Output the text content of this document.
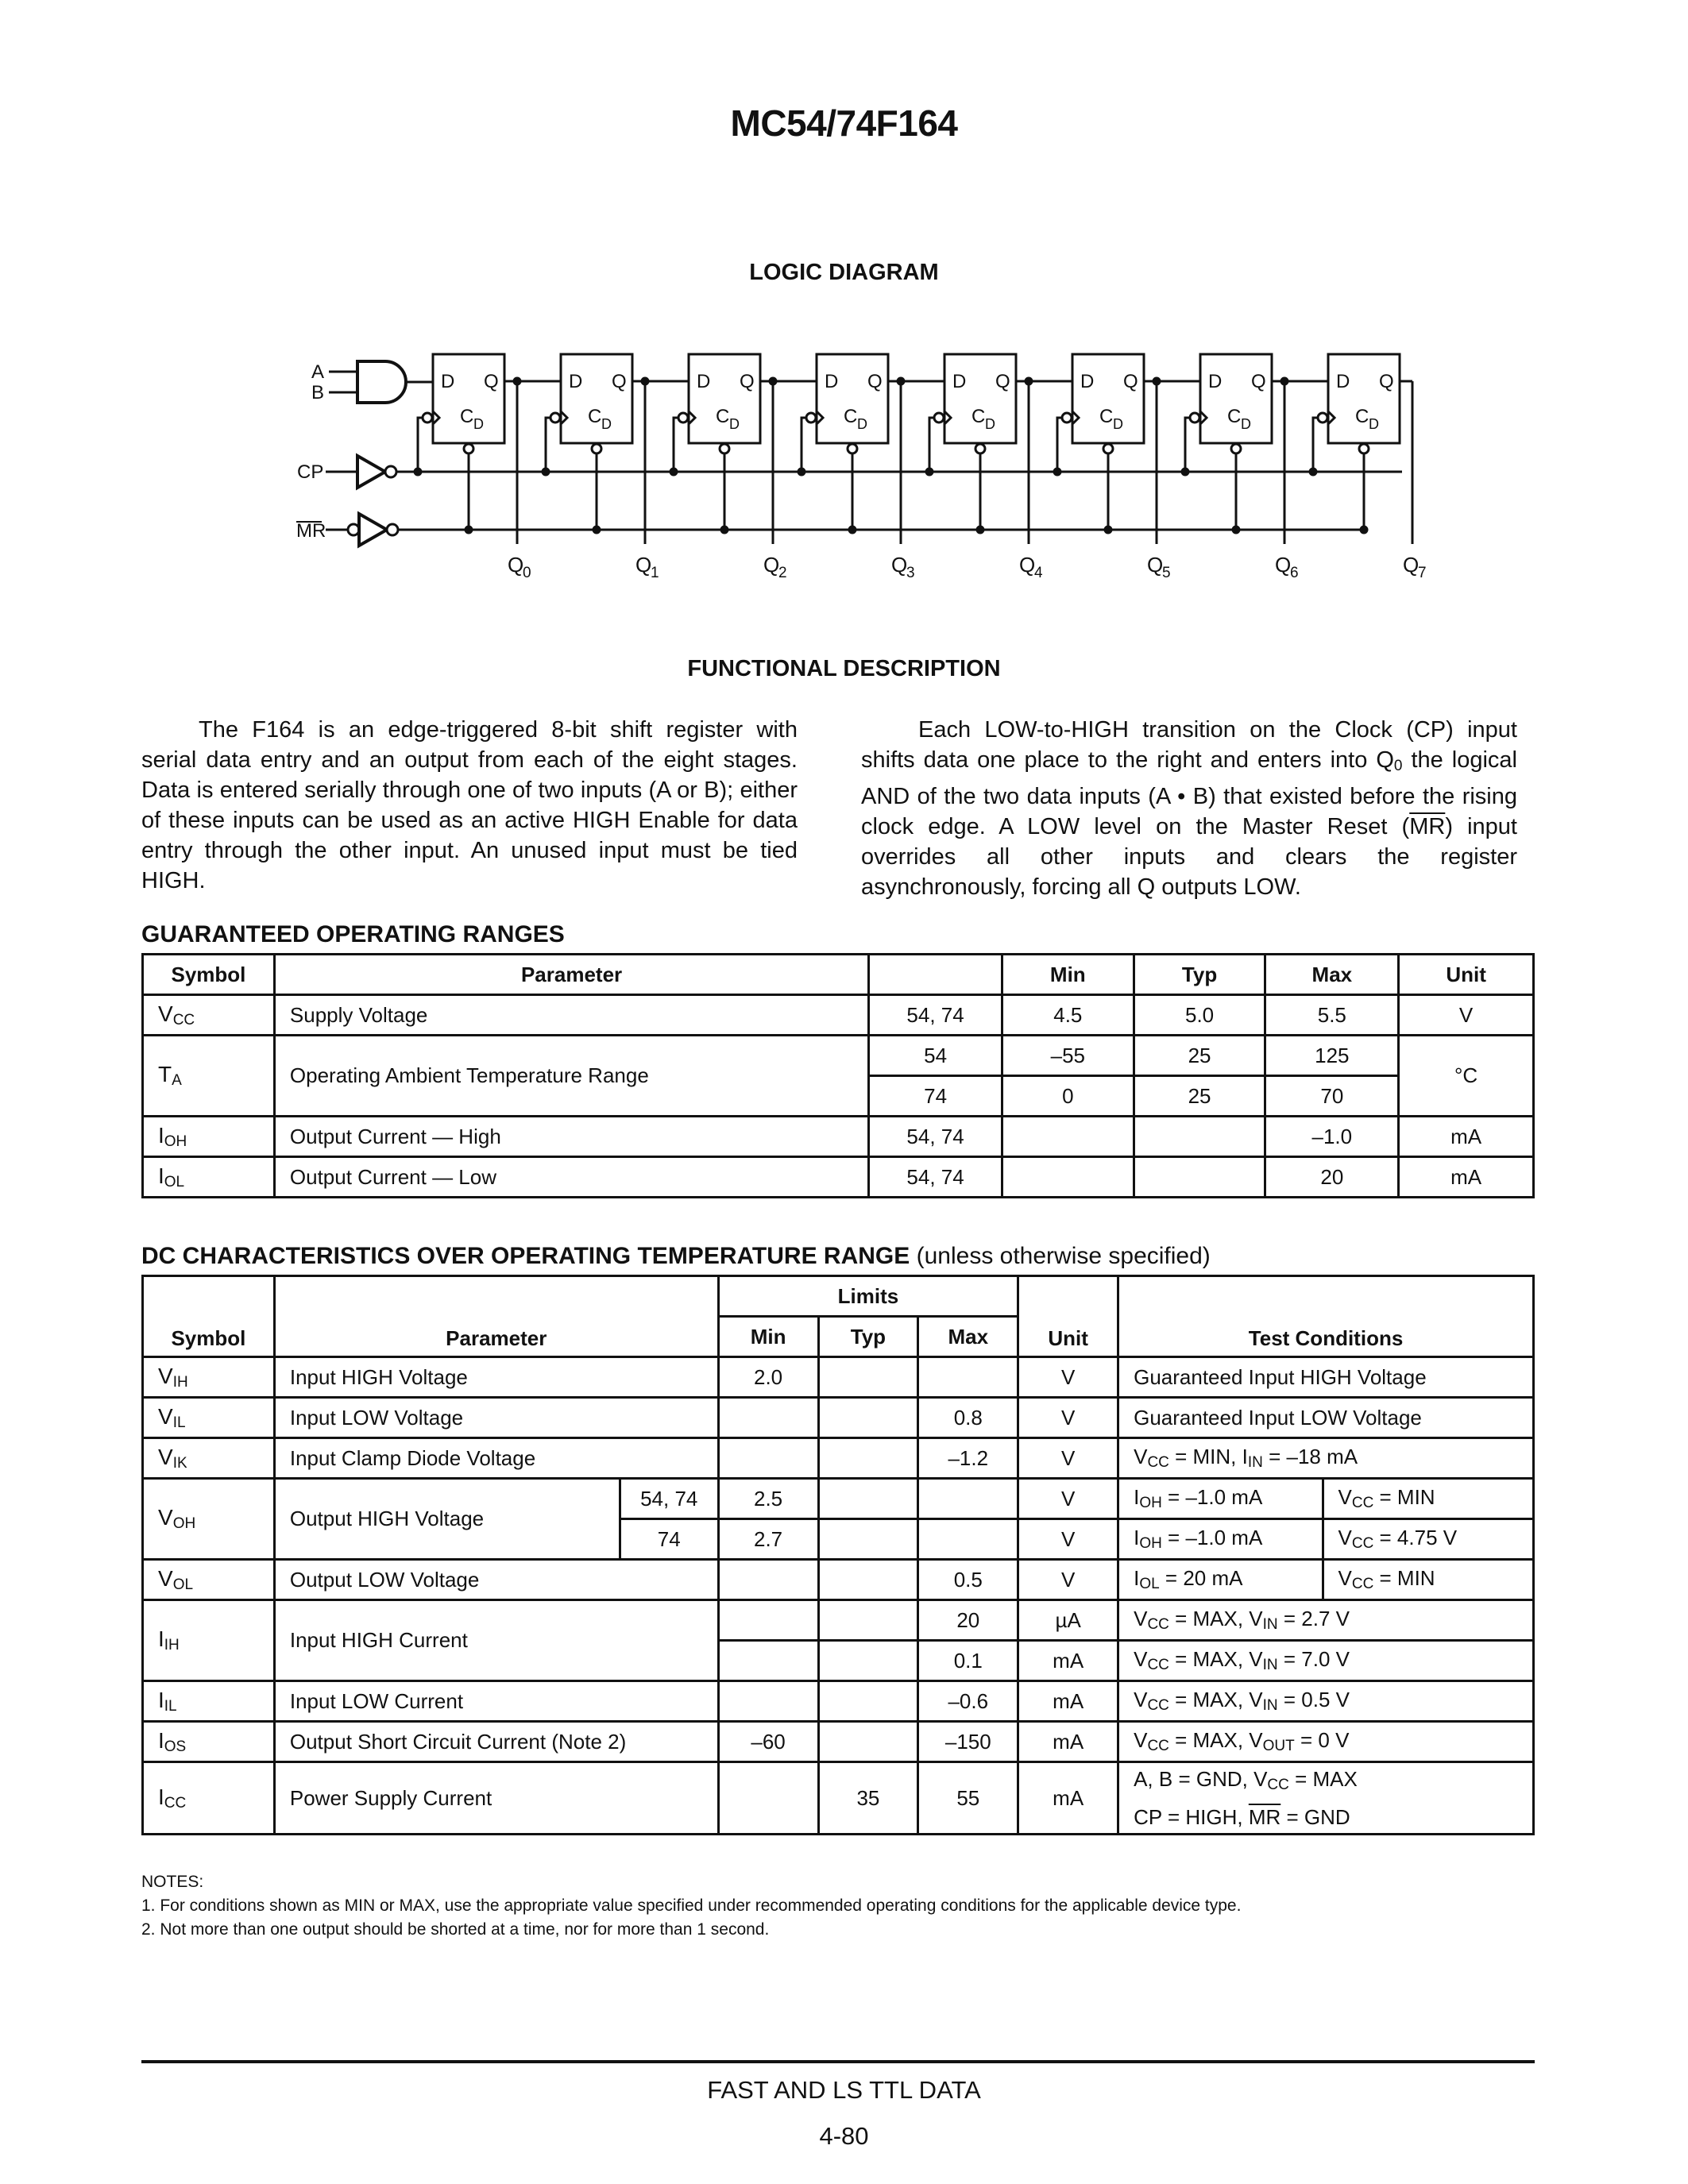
MC54/74F164
LOGIC DIAGRAM
D Q
C D
D Q
C D
D Q
C D
D Q
C D
D Q
C D
D Q
C D
D Q
C D
D Q
C D
A
B
CP
MR
Q
0	Q
1	Q
2	Q
3	Q
4	Q
5	Q
6	Q
7
FUNCTIONAL DESCRIPTION

The F164 is an edge-triggered 8-bit shift register with serial data entry and an output from each of the eight stages. Data is entered serially through one of two inputs (A or B); either of these inputs can be used as an active HIGH Enable for data entry through the other input. An unused input must be tied HIGH.

Each LOW-to-HIGH transition on the Clock (CP) input shifts data one place to the right and enters into $Q_0$ the logical AND of the two data inputs (A • B) that existed before the rising clock edge. A LOW level on the Master Reset $(\overline{MR})$ input overrides all other inputs and clears the register asynchronously, forcing all Q outputs LOW.

GUARANTEED OPERATING RANGES
Symbol	Parameter		Min	Typ	Max	Unit
$V_{CC}$	Supply Voltage	54, 74	4.5	5.0	5.5	V
$T_A$	Operating Ambient Temperature Range	54	–55	25	125	°C
		74	0	25	70	
$I_{OH}$	Output Current — High	54, 74			–1.0	mA
$I_{OL}$	Output Current — Low	54, 74			20	mA
DC CHARACTERISTICS OVER OPERATING TEMPERATURE RANGE (unless otherwise specified)
Symbol	Parameter		Limits			Unit	Test Conditions	
			Min	Typ	Max			
$V_{IH}$	Input HIGH Voltage		2.0			V	Guaranteed Input HIGH Voltage	
$V_{IL}$	Input LOW Voltage				0.8	V	Guaranteed Input LOW Voltage	
$V_{IK}$	Input Clamp Diode Voltage				–1.2	V	$V_{CC}$ = MIN, $I_{IN} = -18$ mA	
$V_{OH}$	Output HIGH Voltage	54, 74	2.5			V	$I_{OH} = -1.0$ mA	$V_{CC}$ = MIN
		74	2.7			V	$I_{OH} = -1.0$ mA	$V_{CC} = 4.75$ V
$V_{OL}$	Output LOW Voltage				0.5	V	$I_{OL} = 20$ mA	$V_{CC}$ = MIN
$I_{IH}$	Input HIGH Current				20	µA	$V_{CC}$ = MAX, $V_{IN} = 2.7$ V	
					0.1	mA	$V_{CC}$ = MAX, $V_{IN} = 7.0$ V	
$I_{IL}$	Input LOW Current				–0.6	mA	$V_{CC}$ = MAX, $V_{IN} = 0.5$ V	
$I_{OS}$	Output Short Circuit Current (Note 2)		–60		–150	mA	$V_{CC}$ = MAX, $V_{OUT} = 0$ V	
$I_{CC}$	Power Supply Current			35	55	mA	A, B = GND, $V_{CC}$ = MAX
CP = HIGH, $\overline{MR}$ = GND	
NOTES:
1. For conditions shown as MIN or MAX, use the appropriate value specified under recommended operating conditions for the applicable device type.
2. Not more than one output should be shorted at a time, nor for more than 1 second.
FAST AND LS TTL DATA
4-80
